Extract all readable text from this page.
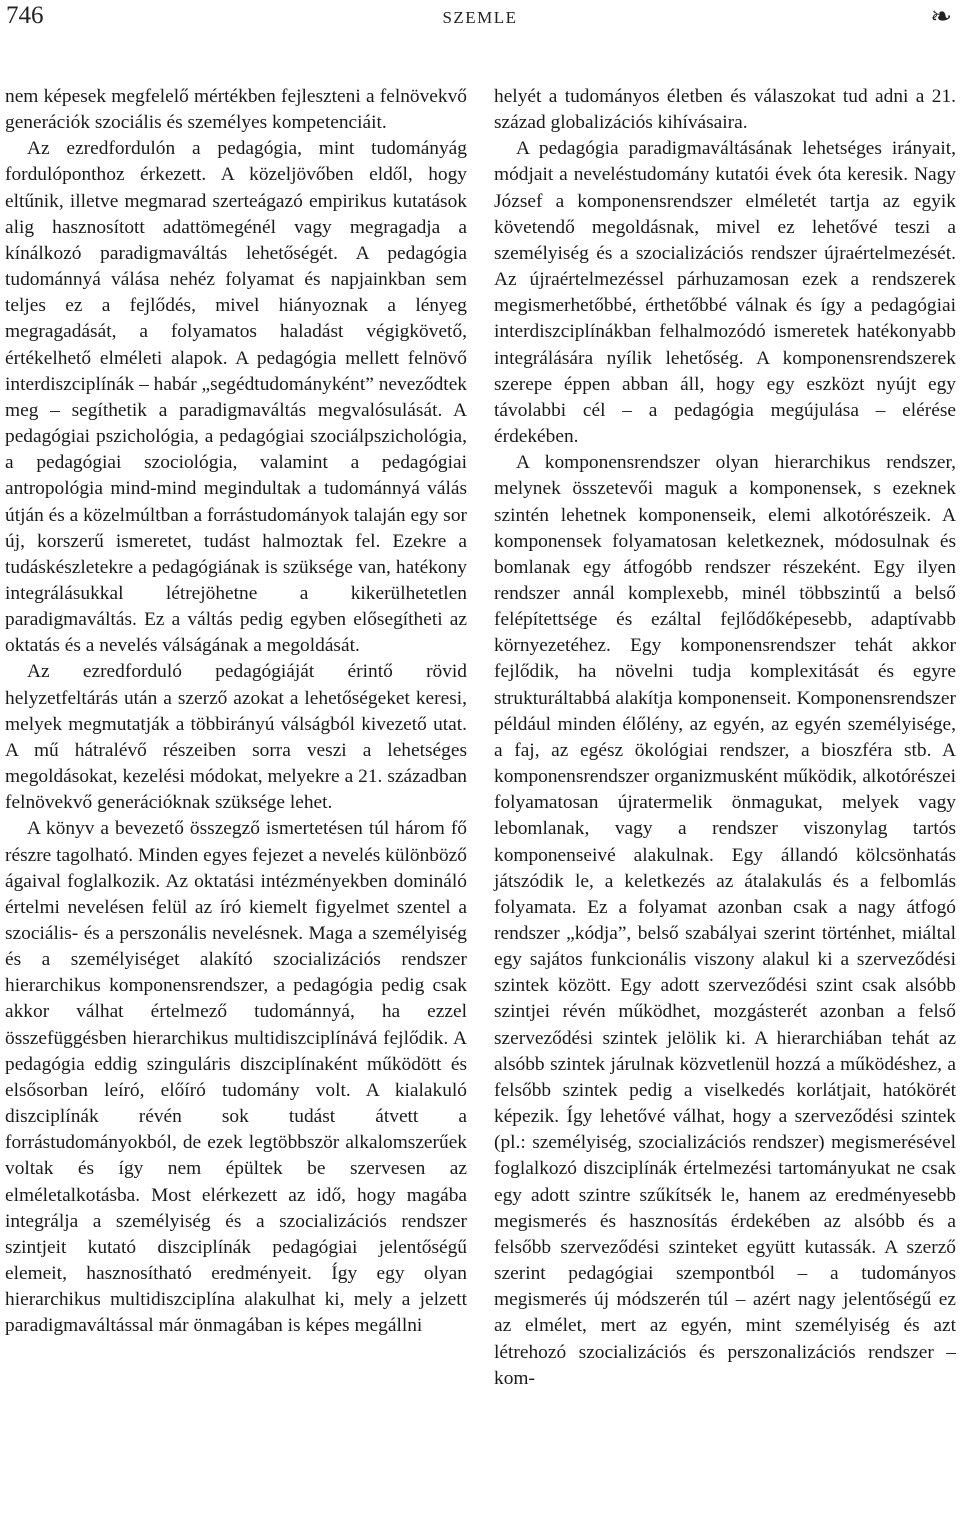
746	SZEMLE	❧

nem képesek megfelelő mértékben fejleszteni a felnövekvő generációk szociális és személyes kompetenciáit.

Az ezredfordulón a pedagógia, mint tudományág fordulóponthoz érkezett. A közeljövőben eldől, hogy eltűnik, illetve megmarad szerteágazó empirikus kutatások alig hasznosított adattömegénél vagy megragadja a kínálkozó paradigmaváltás lehetőségét. A pedagógia tudománnyá válása nehéz folyamat és napjainkban sem teljes ez a fejlődés, mivel hiányoznak a lényeg megragadását, a folyamatos haladást végigkövető, értékelhető elméleti alapok. A pedagógia mellett felnövő interdiszciplínák – habár „segédtudományként” neveződtek meg – segíthetik a paradigmaváltás megvalósulását. A pedagógiai pszichológia, a pedagógiai szociálpszichológia, a pedagógiai szociológia, valamint a pedagógiai antropológia mind-mind megindultak a tudománnyá válás útján és a közelmúltban a forrástudományok talaján egy sor új, korszerű ismeretet, tudást halmoztak fel. Ezekre a tudáskészletekre a pedagógiának is szüksége van, hatékony integrálásukkal létrejöhetne a kikerülhetetlen paradigmaváltás. Ez a váltás pedig egyben elősegítheti az oktatás és a nevelés válságának a megoldását.

Az ezredforduló pedagógiáját érintő rövid helyzetfeltárás után a szerző azokat a lehetőségeket keresi, melyek megmutatják a többirányú válságból kivezető utat. A mű hátralévő részeiben sorra veszi a lehetséges megoldásokat, kezelési módokat, melyekre a 21. században felnövekvő generációknak szüksége lehet.

A könyv a bevezető összegző ismertetésen túl három fő részre tagolható. Minden egyes fejezet a nevelés különböző ágaival foglalkozik. Az oktatási intézményekben domináló értelmi nevelésen felül az író kiemelt figyelmet szentel a szociális- és a perszonális nevelésnek. Maga a személyiség és a személyiséget alakító szocializációs rendszer hierarchikus komponensrendszer, a pedagógia pedig csak akkor válhat értelmező tudománnyá, ha ezzel összefüggésben hierarchikus multidiszciplínává fejlődik. A pedagógia eddig szinguláris diszciplínaként működött és elsősorban leíró, előíró tudomány volt. A kialakuló diszciplínák révén sok tudást átvett a forrástudományokból, de ezek legtöbbször alkalomszerűek voltak és így nem épültek be szervesen az elméletalkotásba. Most elérkezett az idő, hogy magába integrálja a személyiség és a szocializációs rendszer szintjeit kutató diszciplínák pedagógiai jelentőségű elemeit, hasznosítható eredményeit. Így egy olyan hierarchikus multidiszciplína alakulhat ki, mely a jelzett paradigmaváltással már önmagában is képes megállni

helyét a tudományos életben és válaszokat tud adni a 21. század globalizációs kihívásaira.

A pedagógia paradigmaváltásának lehetséges irányait, módjait a neveléstudomány kutatói évek óta keresik. Nagy József a komponensrendszer elméletét tartja az egyik követendő megoldásnak, mivel ez lehetővé teszi a személyiség és a szocializációs rendszer újraértelmezését. Az újraértelmezéssel párhuzamosan ezek a rendszerek megismerhetőbbé, érthetőbbé válnak és így a pedagógiai interdiszciplínákban felhalmozódó ismeretek hatékonyabb integrálására nyílik lehetőség. A komponensrendszerek szerepe éppen abban áll, hogy egy eszközt nyújt egy távolabbi cél – a pedagógia megújulása – elérése érdekében.

A komponensrendszer olyan hierarchikus rendszer, melynek összetevői maguk a komponensek, s ezeknek szintén lehetnek komponenseik, elemi alkotórészeik. A komponensek folyamatosan keletkeznek, módosulnak és bomlanak egy átfogóbb rendszer részeként. Egy ilyen rendszer annál komplexebb, minél többszintű a belső felépítettsége és ezáltal fejlődőképesebb, adaptívabb környezetéhez. Egy komponensrendszer tehát akkor fejlődik, ha növelni tudja komplexitását és egyre strukturáltabbá alakítja komponenseit. Komponensrendszer például minden élőlény, az egyén, az egyén személyisége, a faj, az egész ökológiai rendszer, a bioszféra stb. A komponensrendszer organizmusként működik, alkotórészei folyamatosan újratermelik önmagukat, melyek vagy lebomlanak, vagy a rendszer viszonylag tartós komponenseivé alakulnak. Egy állandó kölcsönhatás játszódik le, a keletkezés az átalakulás és a felbomlás folyamata. Ez a folyamat azonban csak a nagy átfogó rendszer „kódja”, belső szabályai szerint történhet, miáltal egy sajátos funkcionális viszony alakul ki a szerveződési szintek között. Egy adott szerveződési szint csak alsóbb szintjei révén működhet, mozgásterét azonban a felső szerveződési szintek jelölik ki. A hierarchiában tehát az alsóbb szintek járulnak közvetlenül hozzá a működéshez, a felsőbb szintek pedig a viselkedés korlátjait, hatókörét képezik. Így lehetővé válhat, hogy a szerveződési szintek (pl.: személyiség, szocializációs rendszer) megismerésével foglalkozó diszciplínák értelmezési tartományukat ne csak egy adott szintre szűkítsék le, hanem az eredményesebb megismerés és hasznosítás érdekében az alsóbb és a felsőbb szerveződési szinteket együtt kutassák. A szerző szerint pedagógiai szempontból – a tudományos megismerés új módszerén túl – azért nagy jelentőségű ez az elmélet, mert az egyén, mint személyiség és azt létrehozó szocializációs és perszonalizációs rendszer – kom-
